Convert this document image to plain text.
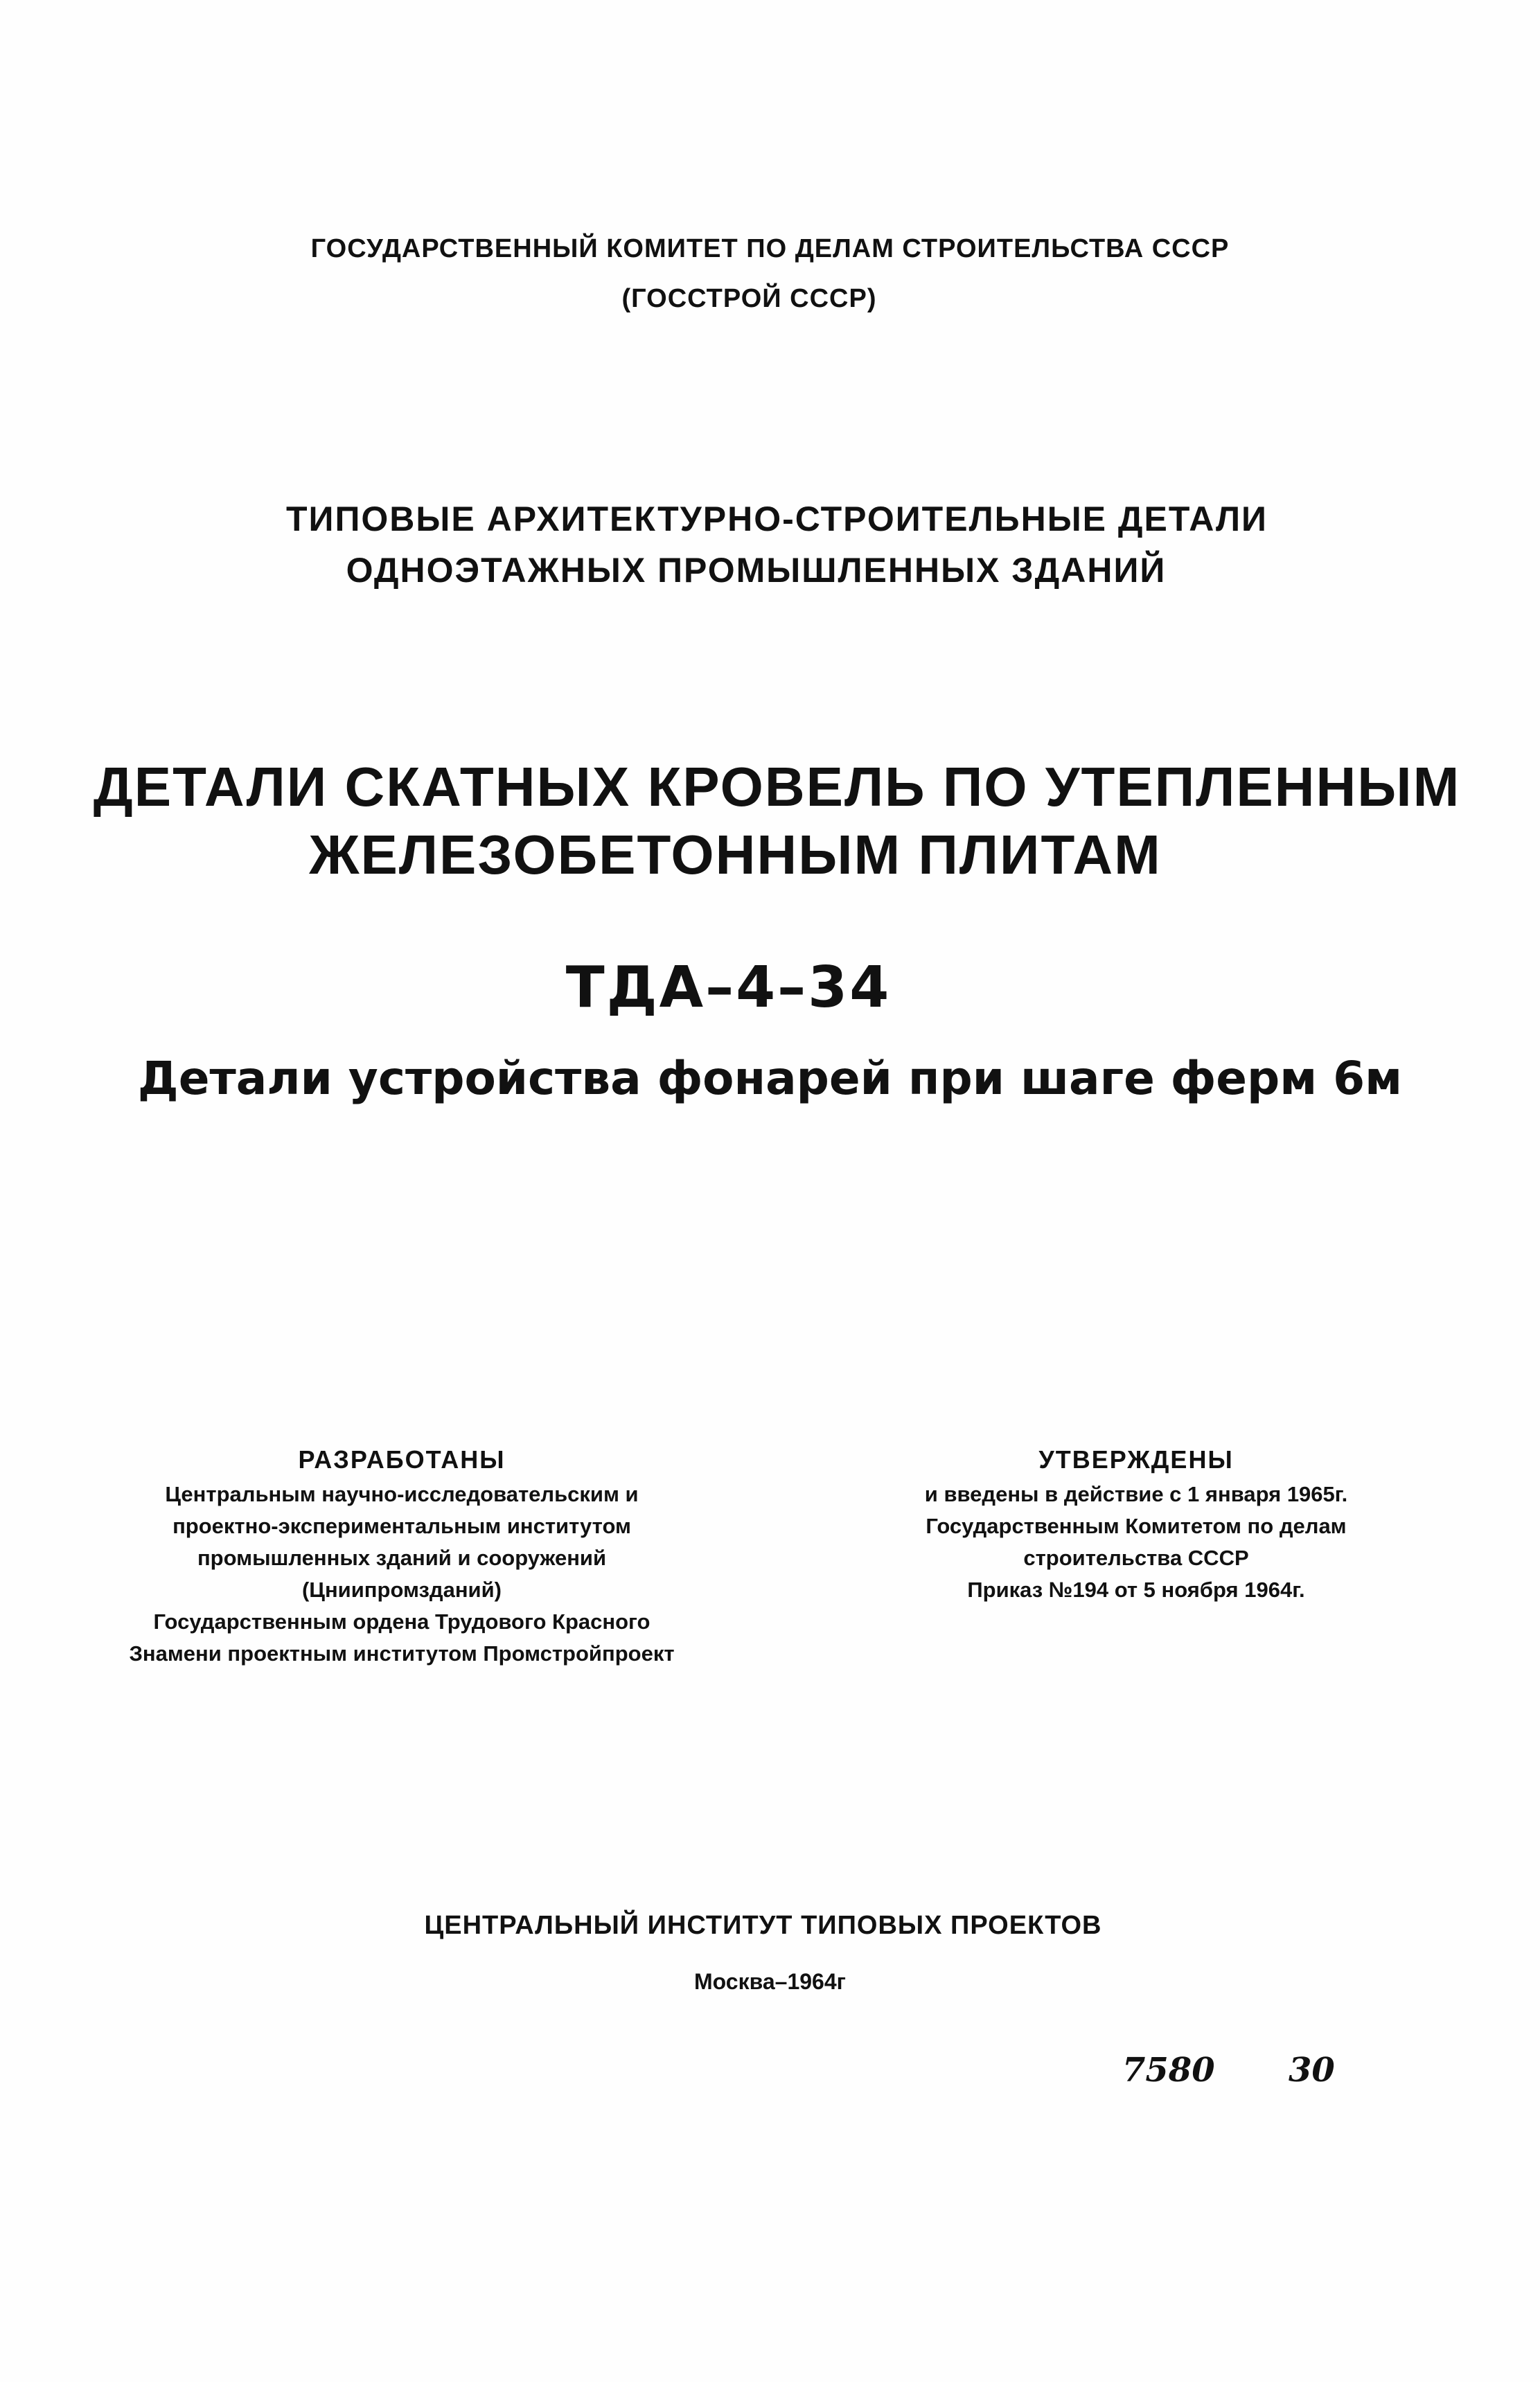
ГОСУДАРСТВЕННЫЙ КОМИТЕТ ПО ДЕЛАМ СТРОИТЕЛЬСТВА СССР
(ГОССТРОЙ СССР)
ТИПОВЫЕ АРХИТЕКТУРНО-СТРОИТЕЛЬНЫЕ ДЕТАЛИ
ОДНОЭТАЖНЫХ ПРОМЫШЛЕННЫХ ЗДАНИЙ
ДЕТАЛИ СКАТНЫХ КРОВЕЛЬ ПО УТЕПЛЕННЫМ
ЖЕЛЕЗОБЕТОННЫМ ПЛИТАМ
ТДА–4–34
Детали устройства фонарей при шаге ферм 6м
РАЗРАБОТАНЫ
Центральным научно-исследовательским и
проектно-экспериментальным институтом
промышленных зданий и сооружений
(Цниипромзданий)
Государственным ордена Трудового Красного
Знамени проектным институтом Промстройпроект
УТВЕРЖДЕНЫ
и введены в действие с 1 января 1965г.
Государственным Комитетом по делам
строительства СССР
Приказ №194 от 5 ноября 1964г.
ЦЕНТРАЛЬНЫЙ ИНСТИТУТ ТИПОВЫХ ПРОЕКТОВ
Москва–1964г
7580 30
